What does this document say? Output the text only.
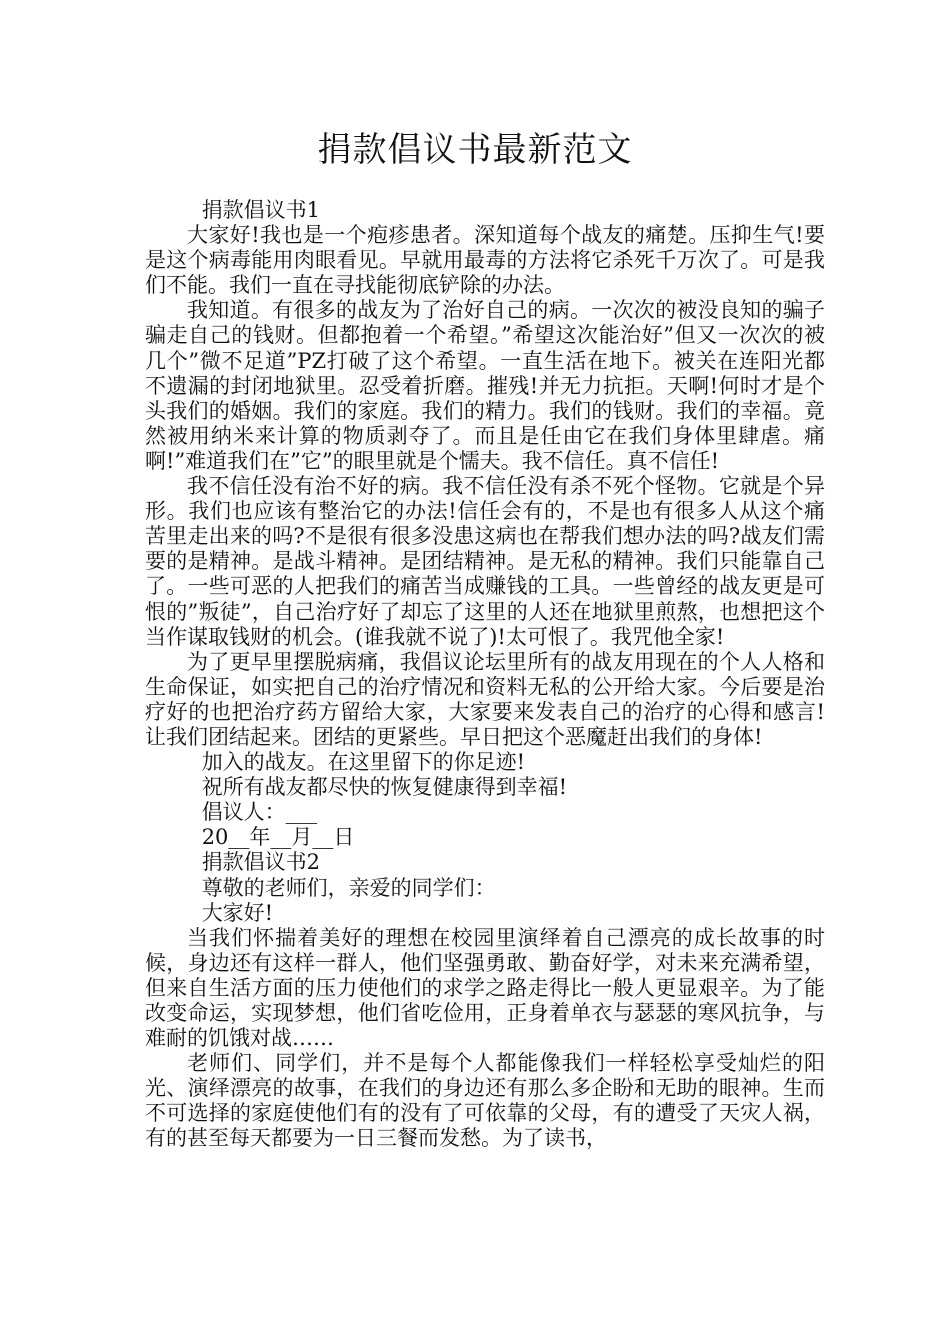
捐款倡议书最新范文

捐款倡议书1

大家好!我也是一个疱疹患者。深知道每个战友的痛楚。压抑生气!要是这个病毒能用肉眼看见。早就用最毒的方法将它杀死千万次了。可是我们不能。我们一直在寻找能彻底铲除的办法。

我知道。有很多的战友为了治好自己的病。一次次的被没良知的骗子骗走自己的钱财。但都抱着一个希望。”希望这次能治好”但又一次次的被几个”微不足道”PZ打破了这个希望。一直生活在地下。被关在连阳光都不遗漏的封闭地狱里。忍受着折磨。摧残!并无力抗拒。天啊!何时才是个头我们的婚姻。我们的家庭。我们的精力。我们的钱财。我们的幸福。竟然被用纳米来计算的物质剥夺了。而且是任由它在我们身体里肆虐。痛啊!”难道我们在”它”的眼里就是个懦夫。我不信任。真不信任!

我不信任没有治不好的病。我不信任没有杀不死个怪物。它就是个异形。我们也应该有整治它的办法!信任会有的，不是也有很多人从这个痛苦里走出来的吗?不是很有很多没患这病也在帮我们想办法的吗?战友们需要的是精神。是战斗精神。是团结精神。是无私的精神。我们只能靠自己了。一些可恶的人把我们的痛苦当成赚钱的工具。一些曾经的战友更是可恨的”叛徒”，自己治疗好了却忘了这里的人还在地狱里煎熬，也想把这个当作谋取钱财的机会。(谁我就不说了)!太可恨了。我咒他全家!

为了更早里摆脱病痛，我倡议论坛里所有的战友用现在的个人人格和生命保证，如实把自己的治疗情况和资料无私的公开给大家。今后要是治疗好的也把治疗药方留给大家，大家要来发表自己的治疗的心得和感言!让我们团结起来。团结的更紧些。早日把这个恶魔赶出我们的身体!

加入的战友。在这里留下的你足迹!

祝所有战友都尽快的恢复健康得到幸福!

倡议人：___

20__年__月__日

捐款倡议书2

尊敬的老师们，亲爱的同学们：

大家好!

当我们怀揣着美好的理想在校园里演绎着自己漂亮的成长故事的时候，身边还有这样一群人，他们坚强勇敢、勤奋好学，对未来充满希望，但来自生活方面的压力使他们的求学之路走得比一般人更显艰辛。为了能改变命运，实现梦想，他们省吃俭用，正身着单衣与瑟瑟的寒风抗争，与难耐的饥饿对战……

老师们、同学们，并不是每个人都能像我们一样轻松享受灿烂的阳光、演绎漂亮的故事，在我们的身边还有那么多企盼和无助的眼神。生而不可选择的家庭使他们有的没有了可依靠的父母，有的遭受了天灾人祸，有的甚至每天都要为一日三餐而发愁。为了读书，
